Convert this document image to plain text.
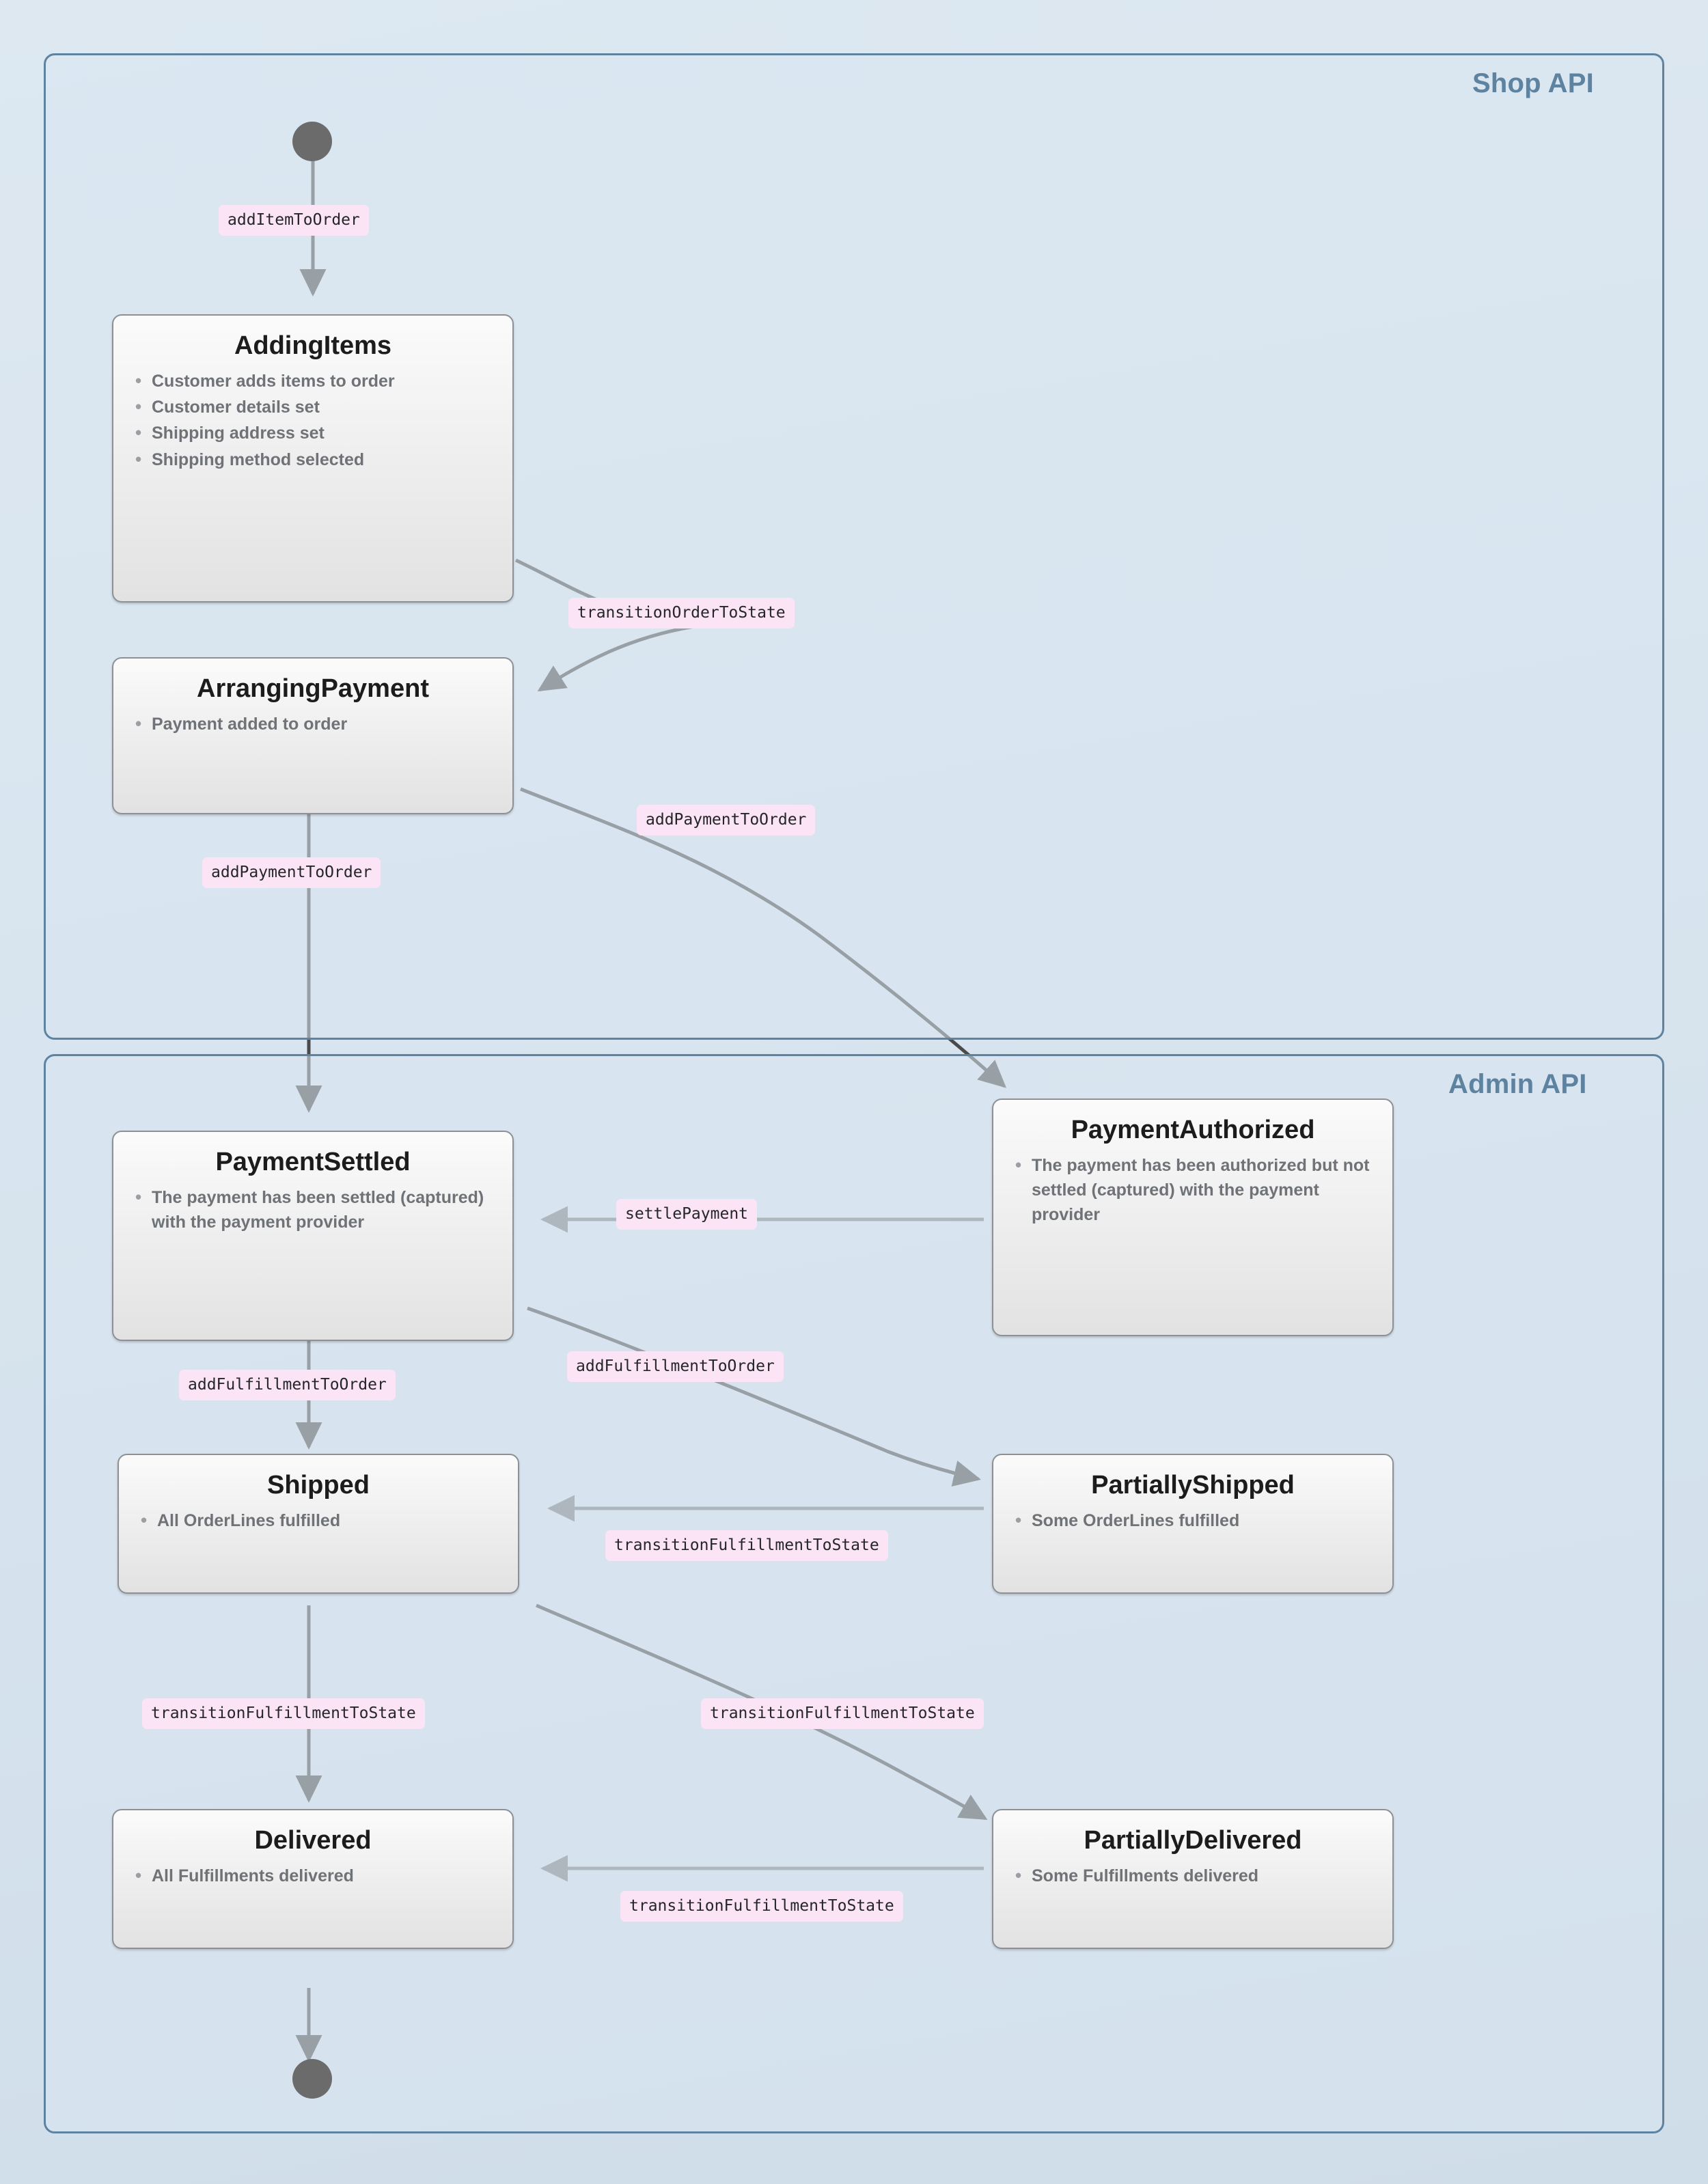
Shop API
Admin API
AddingItems
• Customer adds items to order
• Customer details set
• Shipping address set
• Shipping method selected
ArrangingPayment
• Payment added to order
PaymentAuthorized
• The payment has been authorized but not settled (captured) with the payment provider
PaymentSettled
• The payment has been settled (captured) with the payment provider
PartiallyShipped
• Some OrderLines fulfilled
Shipped
• All OrderLines fulfilled
PartiallyDelivered
• Some Fulfillments delivered
Delivered
• All Fulfillments delivered
addItemToOrder
transitionOrderToState
addPaymentToOrder
addPaymentToOrder
settlePayment
addFulfillmentToOrder
addFulfillmentToOrder
transitionFulfillmentToState
transitionFulfillmentToState	transitionFulfillmentToState
transitionFulfillmentToState
